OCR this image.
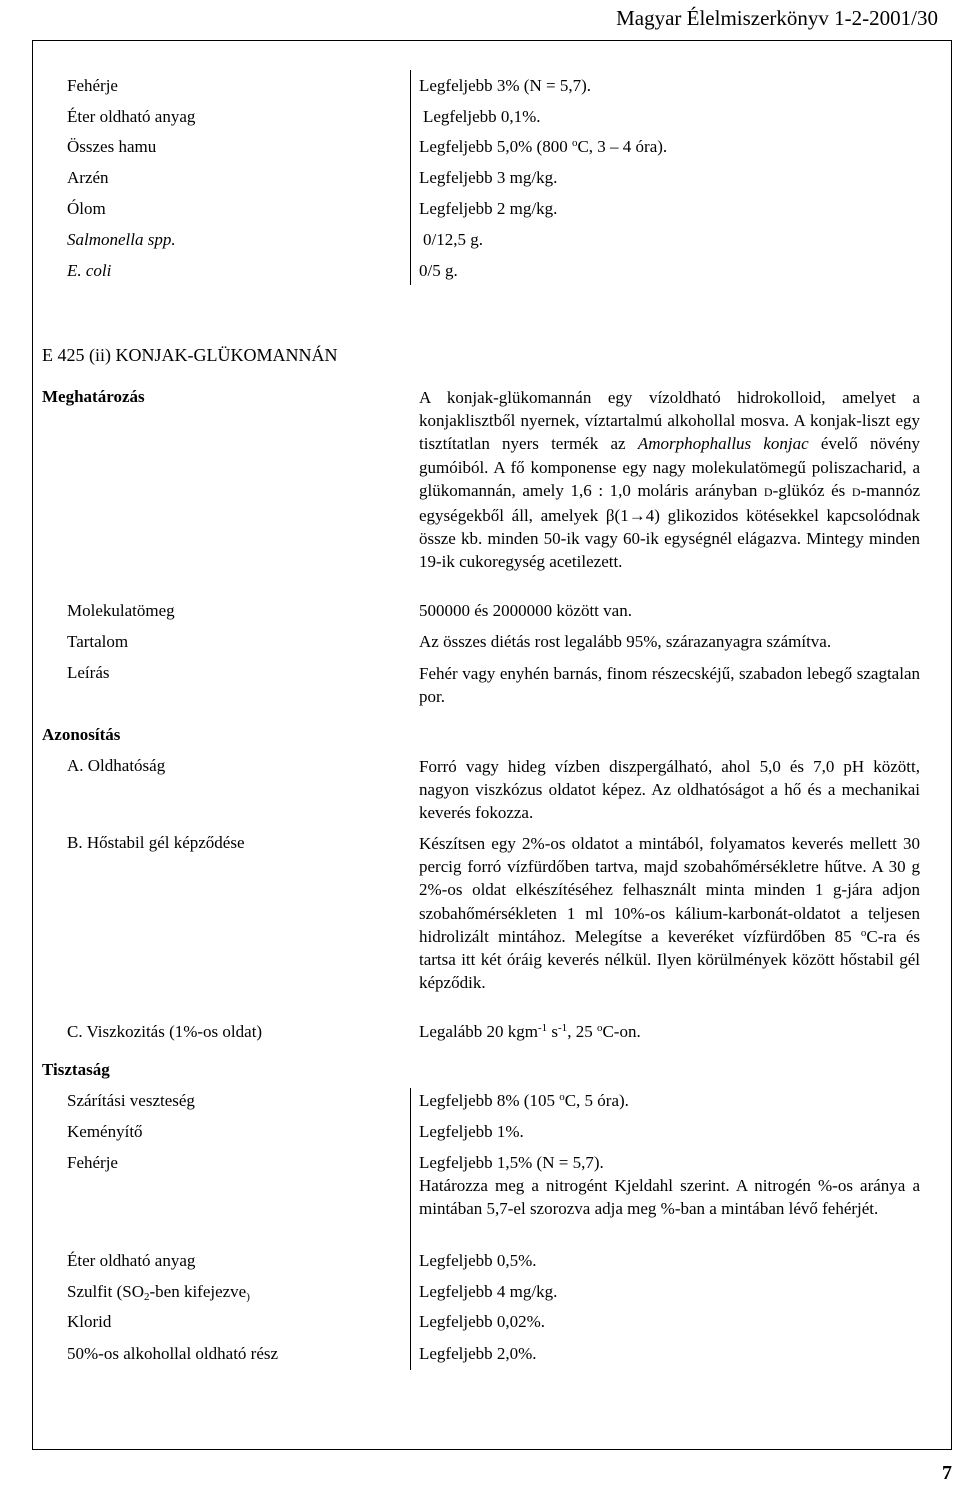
Magyar Élelmiszerkönyv 1-2-2001/30
Fehérje	Legfeljebb 3% (N = 5,7).
Éter oldható anyag	Legfeljebb 0,1%.
Összes hamu	Legfeljebb 5,0% (800 $^o$C, 3 – 4 óra).
Arzén	Legfeljebb 3 mg/kg.
Ólom	Legfeljebb 2 mg/kg.
Salmonella spp.	0/12,5 g.
E. coli	0/5 g.
E 425 (ii) KONJAK-GLÜKOMANNÁN
Meghatározás	A konjak-glükomannán egy vízoldható hidrokolloid, amelyet a konjaklisztből nyernek, víztartalmú alkohollal mosva. A konjak-liszt egy tisztítatlan nyers termék az Amorphophallus konjac évelő növény gumóiból. A fő komponense egy nagy molekulatömegű poliszacharid, a glükomannán, amely 1,6 : 1,0 moláris arányban D-glükóz és D-mannóz egységekből áll, amelyek β(1→4) glikozidos kötésekkel kapcsolódnak össze kb. minden 50-ik vagy 60-ik egységnél elágazva. Mintegy minden 19-ik cukoregység acetilezett.
Molekulatömeg	500000 és 2000000 között van.
Tartalom	Az összes diétás rost legalább 95%, szárazanyagra számítva.
Leírás	Fehér vagy enyhén barnás, finom részecskéjű, szabadon lebegő szagtalan por.
Azonosítás
A. Oldhatóság	Forró vagy hideg vízben diszpergálható, ahol 5,0 és 7,0 pH között, nagyon viszkózus oldatot képez. Az oldhatóságot a hő és a mechanikai keverés fokozza.
B. Hőstabil gél képződése	Készítsen egy 2%-os oldatot a mintából, folyamatos keverés mellett 30 percig forró vízfürdőben tartva, majd szobahőmérsékletre hűtve. A 30 g 2%-os oldat elkészítéséhez felhasznált minta minden 1 g-jára adjon szobahőmérsékleten 1 ml 10%-os kálium-karbonát-oldatot a teljesen hidrolizált mintához. Melegítse a keveréket vízfürdőben 85 $^o$C-ra és tartsa itt két óráig keverés nélkül. Ilyen körülmények között hőstabil gél képződik.
C. Viszkozitás (1%-os oldat)	Legalább 20 kgm$^{-1}$ $s^{-1}$, 25 $^o$C-on.
Tisztaság
Szárítási veszteség	Legfeljebb 8% (105 $^o$C, 5 óra).
Keményítő	Legfeljebb 1%.
Fehérje	Legfeljebb 1,5% (N = 5,7).
Határozza meg a nitrogént Kjeldahl szerint. A nitrogén %-os aránya a mintában 5,7-el szorozva adja meg %-ban a mintában lévő fehérjét.
Éter oldható anyag	Legfeljebb 0,5%.
Szulfit ($SO_2$-ben kifejezve$_)$	Legfeljebb 4 mg/kg.
Klorid	Legfeljebb 0,02%.
50%-os alkohollal oldható rész	Legfeljebb 2,0%.
7
